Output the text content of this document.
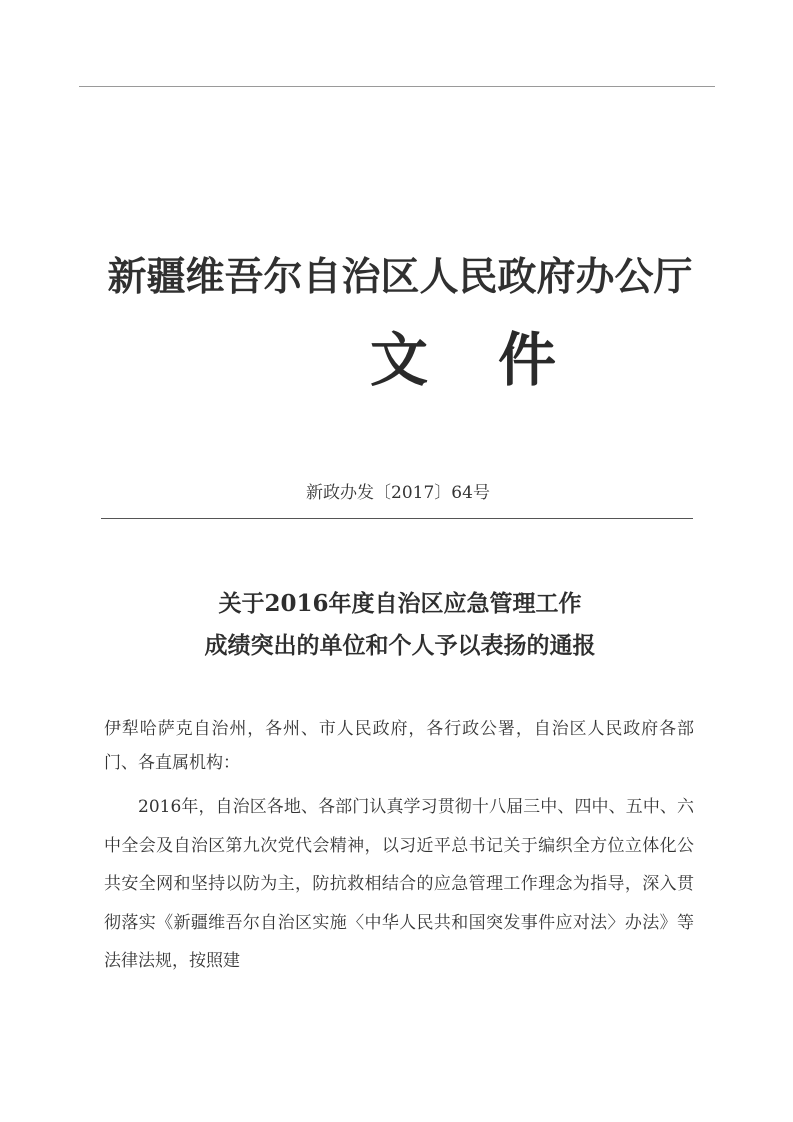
新疆维吾尔自治区人民政府办公厅
文件
新政办发〔2017〕64号
关于2016年度自治区应急管理工作
成绩突出的单位和个人予以表扬的通报
伊犁哈萨克自治州，各州、市人民政府，各行政公署，自治区人民政府各部门、各直属机构：
2016年，自治区各地、各部门认真学习贯彻十八届三中、四中、五中、六中全会及自治区第九次党代会精神，以习近平总书记关于编织全方位立体化公共安全网和坚持以防为主，防抗救相结合的应急管理工作理念为指导，深入贯彻落实《新疆维吾尔自治区实施〈中华人民共和国突发事件应对法〉办法》等法律法规，按照建
